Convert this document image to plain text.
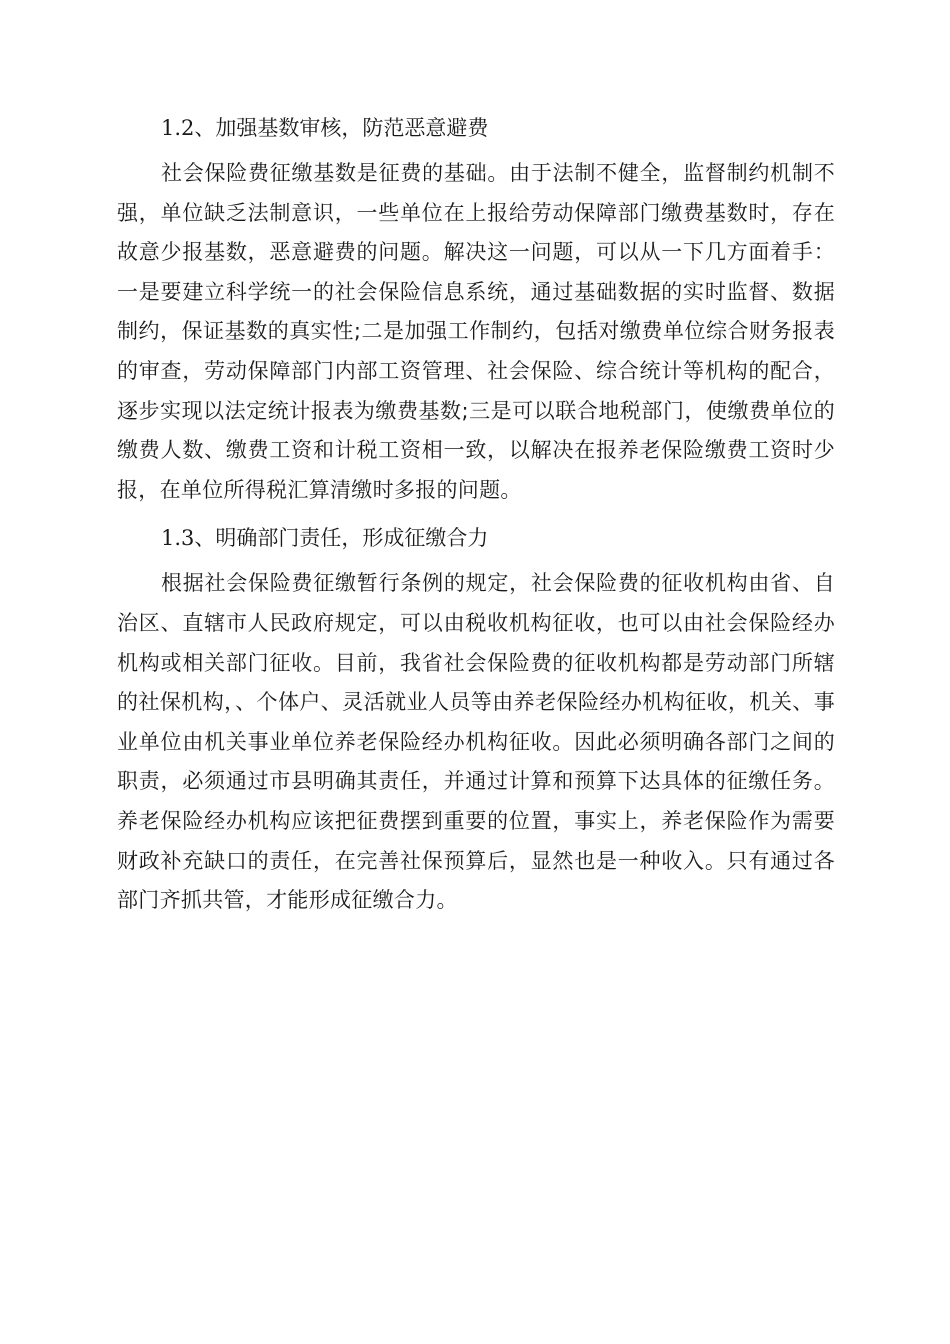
1.2、加强基数审核，防范恶意避费

社会保险费征缴基数是征费的基础。由于法制不健全，监督制约机制不强，单位缺乏法制意识，一些单位在上报给劳动保障部门缴费基数时，存在故意少报基数，恶意避费的问题。解决这一问题，可以从一下几方面着手：一是要建立科学统一的社会保险信息系统，通过基础数据的实时监督、数据制约，保证基数的真实性;二是加强工作制约，包括对缴费单位综合财务报表的审查，劳动保障部门内部工资管理、社会保险、综合统计等机构的配合，逐步实现以法定统计报表为缴费基数;三是可以联合地税部门，使缴费单位的缴费人数、缴费工资和计税工资相一致，以解决在报养老保险缴费工资时少报，在单位所得税汇算清缴时多报的问题。

1.3、明确部门责任，形成征缴合力

根据社会保险费征缴暂行条例的规定，社会保险费的征收机构由省、自治区、直辖市人民政府规定，可以由税收机构征收，也可以由社会保险经办机构或相关部门征收。目前，我省社会保险费的征收机构都是劳动部门所辖的社保机构，、个体户、灵活就业人员等由养老保险经办机构征收，机关、事业单位由机关事业单位养老保险经办机构征收。因此必须明确各部门之间的职责，必须通过市县明确其责任，并通过计算和预算下达具体的征缴任务。养老保险经办机构应该把征费摆到重要的位置，事实上，养老保险作为需要财政补充缺口的责任，在完善社保预算后，显然也是一种收入。只有通过各部门齐抓共管，才能形成征缴合力。
